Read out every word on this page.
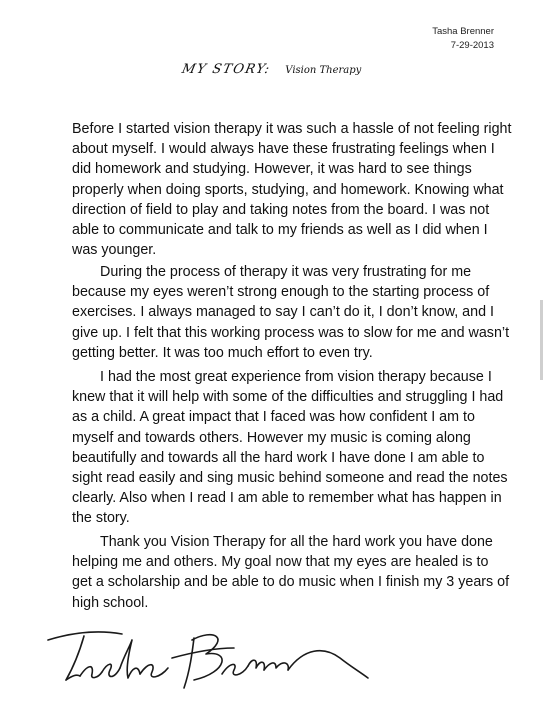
Tasha Brenner
7-29-2013
MY STORY: Vision Therapy
Before I started vision therapy it was such a hassle of not feeling right about myself. I would always have these frustrating feelings when I did homework and studying. However, it was hard to see things properly when doing sports, studying, and homework. Knowing what direction of field to play and taking notes from the board. I was not able to communicate and talk to my friends as well as I did when I was younger.
During the process of therapy it was very frustrating for me because my eyes weren’t strong enough to the starting process of exercises. I always managed to say I can’t do it, I don’t know, and I give up. I felt that this working process was to slow for me and wasn’t getting better. It was too much effort to even try.
I had the most great experience from vision therapy because I knew that it will help with some of the difficulties and struggling I had as a child. A great impact that I faced was how confident I am to myself and towards others. However my music is coming along beautifully and towards all the hard work I have done I am able to sight read easily and sing music behind someone and read the notes clearly. Also when I read I am able to remember what has happen in the story.
Thank you Vision Therapy for all the hard work you have done helping me and others. My goal now that my eyes are healed is to get a scholarship and be able to do music when I finish my 3 years of high school.
